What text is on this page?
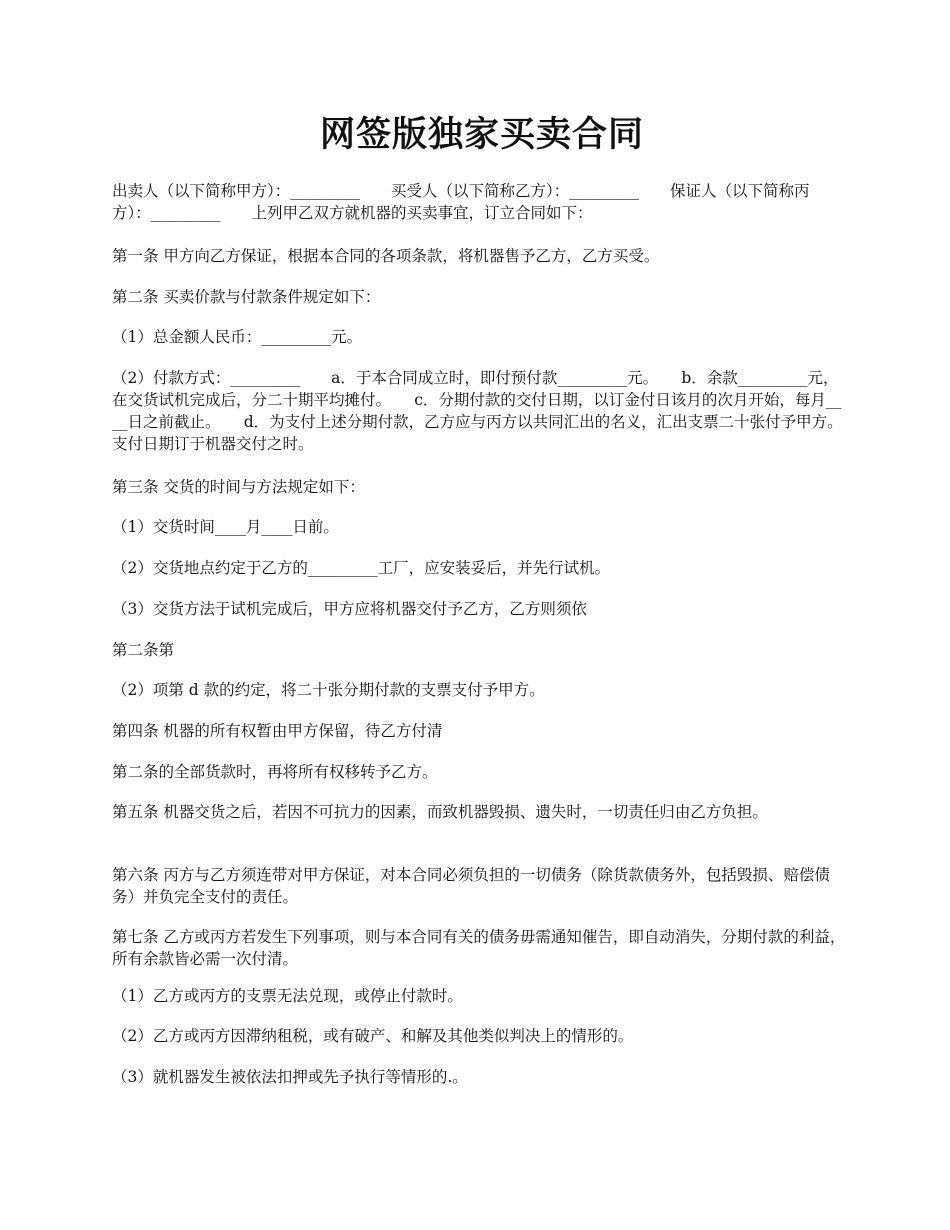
网签版独家买卖合同

出卖人（以下简称甲方）：_________　　买受人（以下简称乙方）：_________　　保证人（以下简称丙方）：_________　　上列甲乙双方就机器的买卖事宜，订立合同如下：

第一条 甲方向乙方保证，根据本合同的各项条款，将机器售予乙方，乙方买受。

第二条 买卖价款与付款条件规定如下：

（1）总金额人民币：_________元。

（2）付款方式：_________　　a．于本合同成立时，即付预付款_________元。　　b．余款_________元，在交货试机完成后，分二十期平均摊付。　　c．分期付款的交付日期，以订金付日该月的次月开始，每月____日之前截止。　　d．为支付上述分期付款，乙方应与丙方以共同汇出的名义，汇出支票二十张付予甲方。支付日期订于机器交付之时。

第三条 交货的时间与方法规定如下：

（1）交货时间____月____日前。

（2）交货地点约定于乙方的_________工厂，应安装妥后，并先行试机。

（3）交货方法于试机完成后，甲方应将机器交付予乙方，乙方则须依

第二条第

（2）项第 d 款的约定，将二十张分期付款的支票支付予甲方。

第四条 机器的所有权暂由甲方保留，待乙方付清

第二条的全部货款时，再将所有权移转予乙方。

第五条 机器交货之后，若因不可抗力的因素，而致机器毁损、遗失时，一切责任归由乙方负担。

第六条 丙方与乙方须连带对甲方保证，对本合同必须负担的一切债务（除货款债务外，包括毁损、赔偿债务）并负完全支付的责任。

第七条 乙方或丙方若发生下列事项，则与本合同有关的债务毋需通知催告，即自动消失，分期付款的利益，所有余款皆必需一次付清。

（1）乙方或丙方的支票无法兑现，或停止付款时。

（2）乙方或丙方因滞纳租税，或有破产、和解及其他类似判决上的情形的。

（3）就机器发生被依法扣押或先予执行等情形的.。
